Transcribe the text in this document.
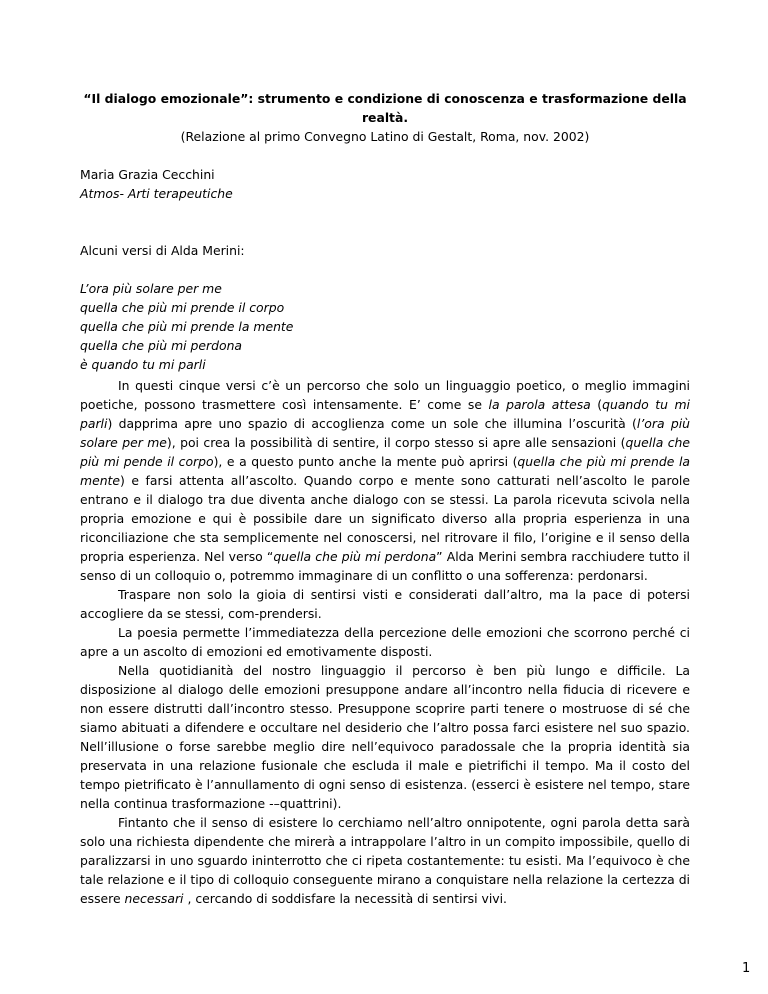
“Il dialogo emozionale”: strumento e condizione di conoscenza e trasformazione della realtà.
(Relazione al primo Convegno Latino di Gestalt, Roma, nov. 2002)
Maria Grazia Cecchini
Atmos- Arti terapeutiche
Alcuni versi di Alda Merini:
L’ora più solare per me
quella che più mi prende il corpo
quella che più mi prende la mente
quella che più mi perdona
è quando tu mi parli

In questi cinque versi c’è un percorso che solo un linguaggio poetico, o meglio immagini poetiche, possono trasmettere così intensamente. E’ come se la parola attesa (quando tu mi parli) dapprima apre uno spazio di accoglienza come un sole che illumina l’oscurità (l’ora più solare per me), poi crea la possibilità di sentire, il corpo stesso si apre alle sensazioni (quella che più mi pende il corpo), e a questo punto anche la mente può aprirsi (quella che più mi prende la mente) e farsi attenta all’ascolto. Quando corpo e mente sono catturati nell’ascolto le parole entrano e il dialogo tra due diventa anche dialogo con se stessi. La parola ricevuta scivola nella propria emozione e qui è possibile dare un significato diverso alla propria esperienza in una riconciliazione che sta semplicemente nel conoscersi, nel ritrovare il filo, l’origine e il senso della propria esperienza. Nel verso “quella che più mi perdona” Alda Merini sembra racchiudere tutto il senso di un colloquio o, potremmo immaginare di un conflitto o una sofferenza: perdonarsi.

Traspare non solo la gioia di sentirsi visti e considerati dall’altro, ma la pace di potersi accogliere da se stessi, com-prendersi.

La poesia permette l’immediatezza della percezione delle emozioni che scorrono perché ci apre a un ascolto di emozioni ed emotivamente disposti.

Nella quotidianità del nostro linguaggio il percorso è ben più lungo e difficile. La disposizione al dialogo delle emozioni presuppone andare all’incontro nella fiducia di ricevere e non essere distrutti dall’incontro stesso. Presuppone scoprire parti tenere o mostruose di sé che siamo abituati a difendere e occultare nel desiderio che l’altro possa farci esistere nel suo spazio. Nell’illusione o forse sarebbe meglio dire nell’equivoco paradossale che la propria identità sia preservata in una relazione fusionale che escluda il male e pietrifichi il tempo. Ma il costo del tempo pietrificato è l’annullamento di ogni senso di esistenza. (esserci è esistere nel tempo, stare nella continua trasformazione -–quattrini).

Fintanto che il senso di esistere lo cerchiamo nell’altro onnipotente, ogni parola detta sarà solo una richiesta dipendente che mirerà a intrappolare l’altro in un compito impossibile, quello di paralizzarsi in uno sguardo ininterrotto che ci ripeta costantemente: tu esisti. Ma l’equivoco è che tale relazione e il tipo di colloquio conseguente mirano a conquistare nella relazione la certezza di essere necessari , cercando di soddisfare la necessità di sentirsi vivi.

1
